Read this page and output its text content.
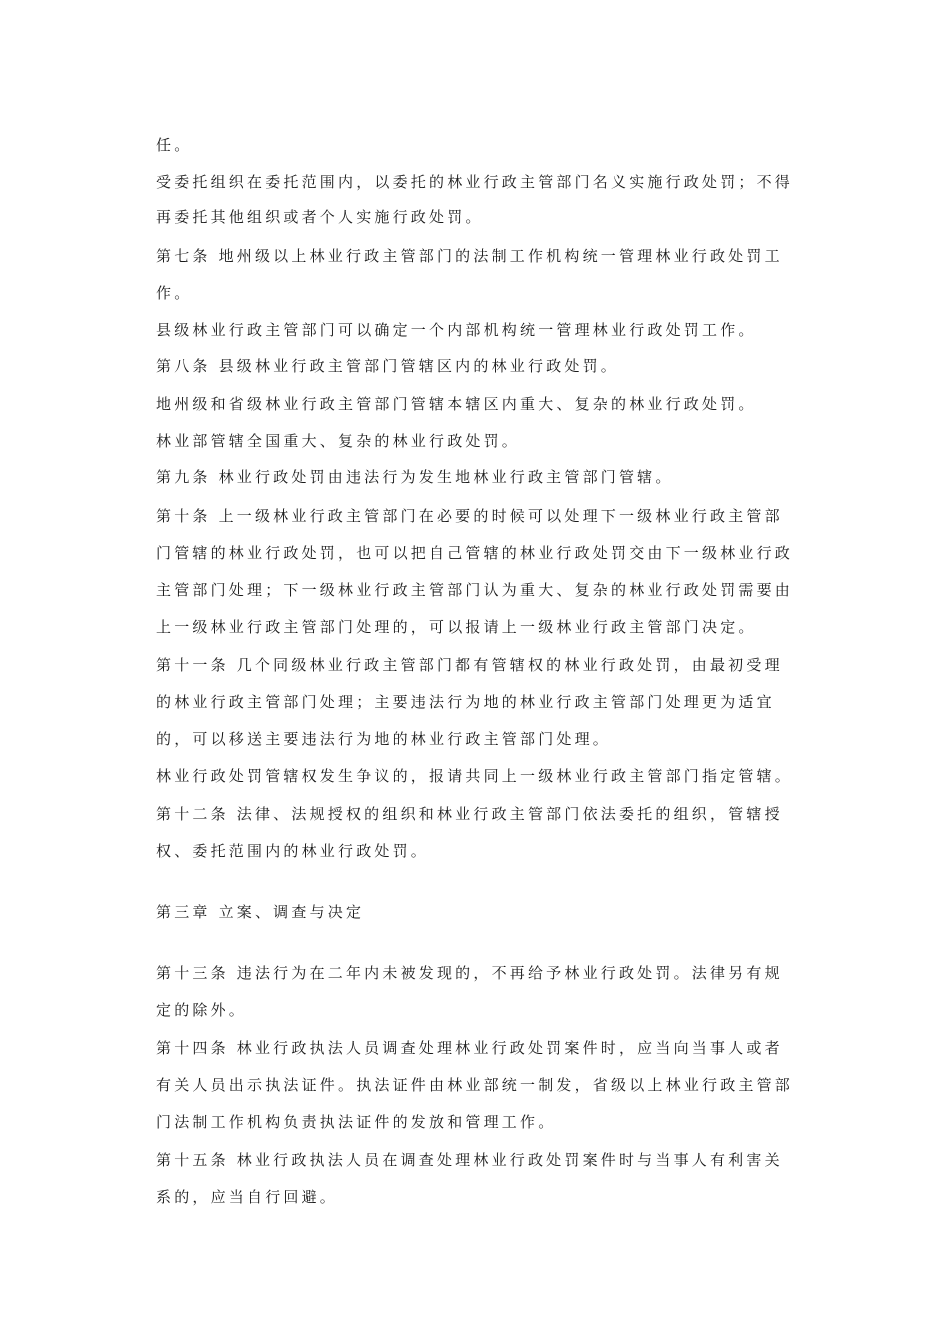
任。
受委托组织在委托范围内，以委托的林业行政主管部门名义实施行政处罚；不得
再委托其他组织或者个人实施行政处罚。
第七条 地州级以上林业行政主管部门的法制工作机构统一管理林业行政处罚工
作。
县级林业行政主管部门可以确定一个内部机构统一管理林业行政处罚工作。
第八条 县级林业行政主管部门管辖区内的林业行政处罚。
地州级和省级林业行政主管部门管辖本辖区内重大、复杂的林业行政处罚。
林业部管辖全国重大、复杂的林业行政处罚。
第九条 林业行政处罚由违法行为发生地林业行政主管部门管辖。
第十条 上一级林业行政主管部门在必要的时候可以处理下一级林业行政主管部
门管辖的林业行政处罚，也可以把自己管辖的林业行政处罚交由下一级林业行政
主管部门处理；下一级林业行政主管部门认为重大、复杂的林业行政处罚需要由
上一级林业行政主管部门处理的，可以报请上一级林业行政主管部门决定。
第十一条 几个同级林业行政主管部门都有管辖权的林业行政处罚，由最初受理
的林业行政主管部门处理；主要违法行为地的林业行政主管部门处理更为适宜
的，可以移送主要违法行为地的林业行政主管部门处理。
林业行政处罚管辖权发生争议的，报请共同上一级林业行政主管部门指定管辖。
第十二条 法律、法规授权的组织和林业行政主管部门依法委托的组织，管辖授
权、委托范围内的林业行政处罚。
第三章 立案、调查与决定
第十三条 违法行为在二年内未被发现的，不再给予林业行政处罚。法律另有规
定的除外。
第十四条 林业行政执法人员调查处理林业行政处罚案件时，应当向当事人或者
有关人员出示执法证件。执法证件由林业部统一制发，省级以上林业行政主管部
门法制工作机构负责执法证件的发放和管理工作。
第十五条 林业行政执法人员在调查处理林业行政处罚案件时与当事人有利害关
系的，应当自行回避。
